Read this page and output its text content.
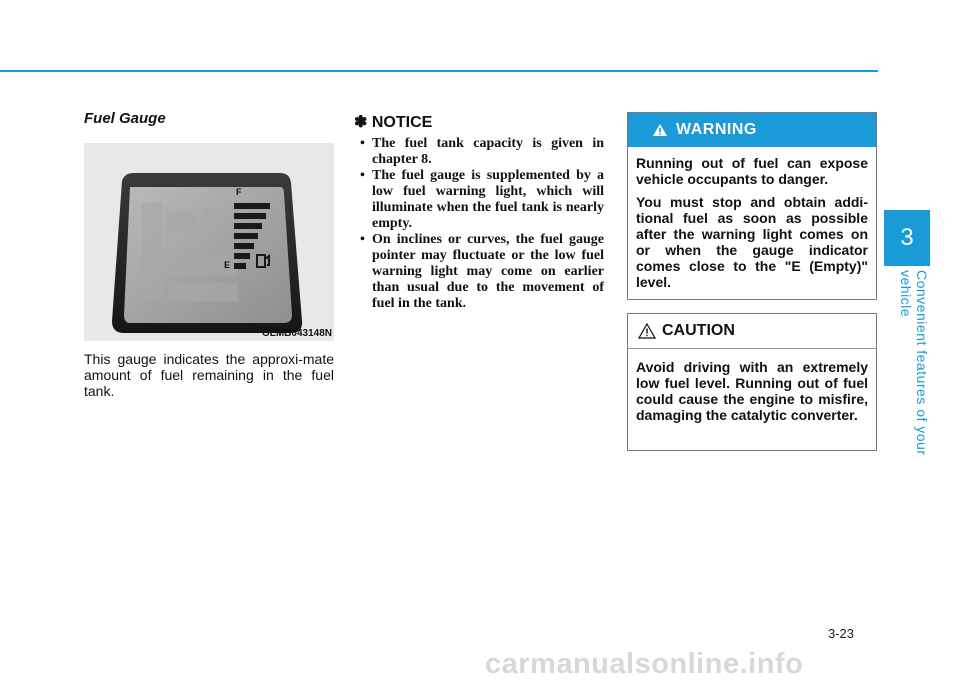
3
Convenient features of your vehicle
Fuel Gauge
F
E
OLMB043148N
This gauge indicates the approxi-mate amount of fuel remaining in the fuel tank.
✽ NOTICE
• The fuel tank capacity is given in chapter 8.
• The fuel gauge is supplemented by a low fuel warning light, which will illuminate when the fuel tank is nearly empty.
• On inclines or curves, the fuel gauge pointer may fluctuate or the low fuel warning light may come on earlier than usual due to the movement of fuel in the tank.
WARNING

Running out of fuel can expose vehicle occupants to danger.

You must stop and obtain addi-tional fuel as soon as possible after the warning light comes on or when the gauge indicator comes close to the "E (Empty)" level.

CAUTION

Avoid driving with an extremely low fuel level. Running out of fuel could cause the engine to misfire, damaging the catalytic converter.

3-23
carmanualsonline.info
